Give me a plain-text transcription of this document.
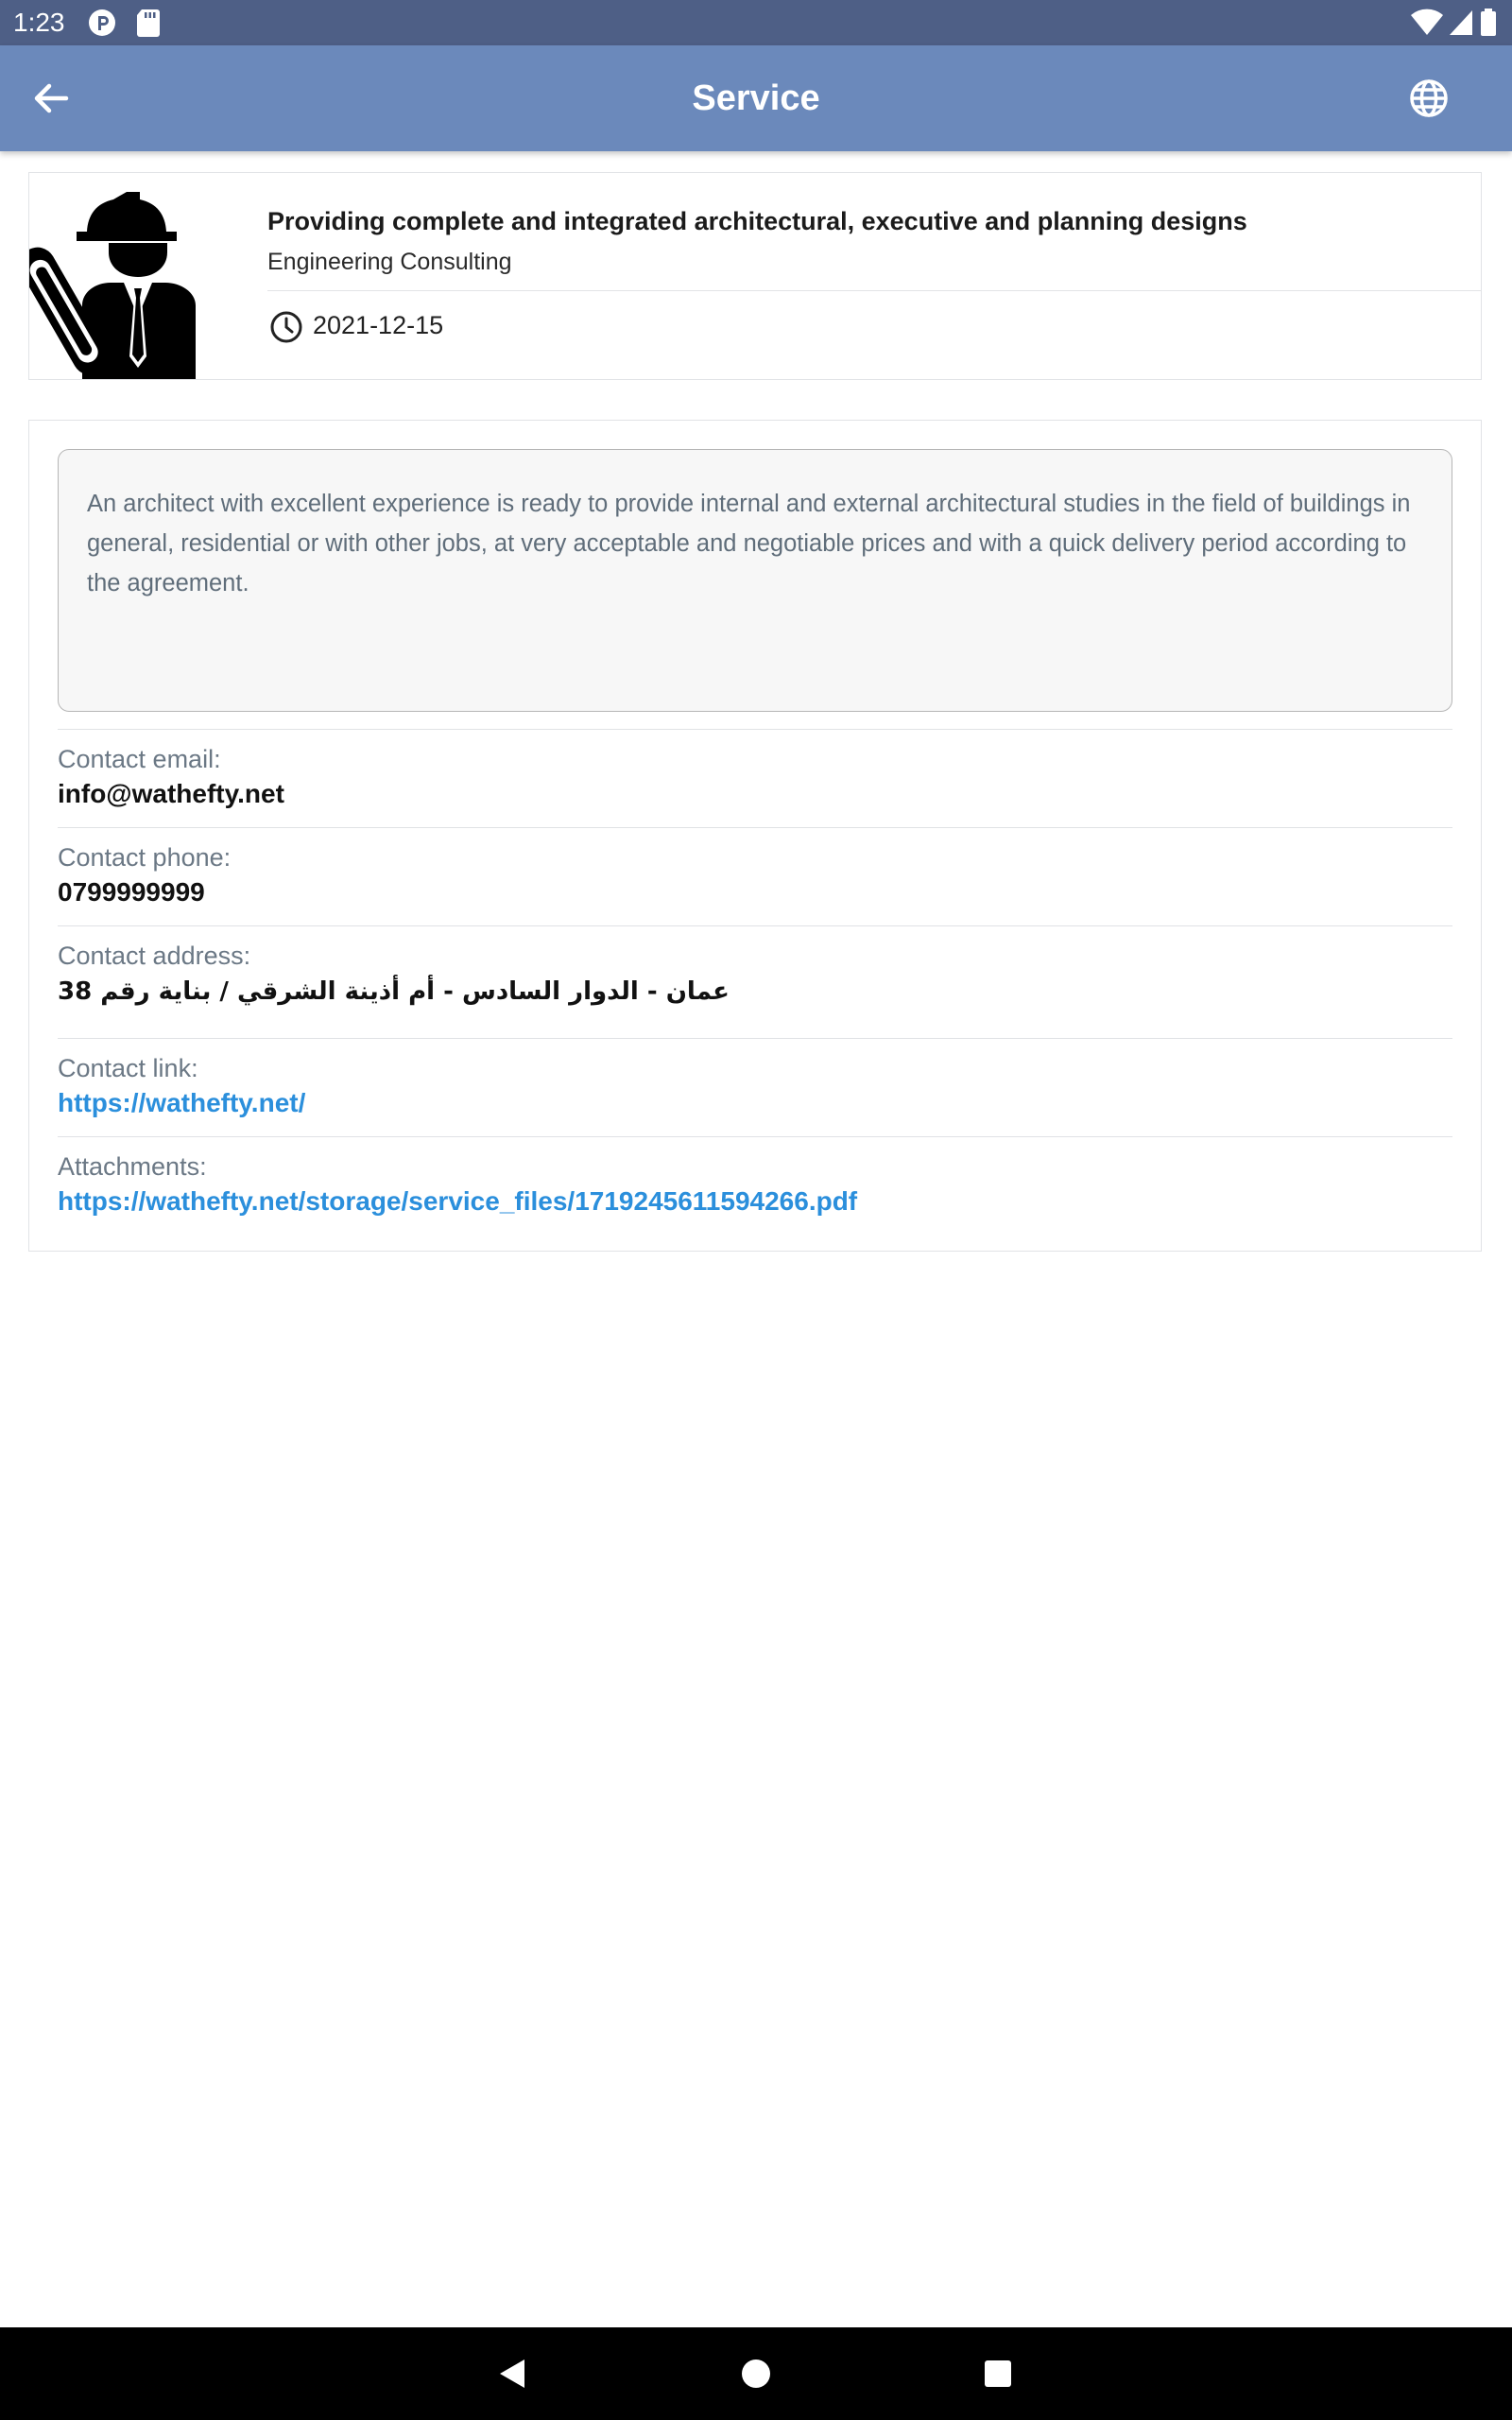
1:23
Service
Providing complete and integrated architectural, executive and planning designs
Engineering Consulting
2021-12-15
An architect with excellent experience is ready to provide internal and external architectural studies in the field of buildings in general, residential or with other jobs, at very acceptable and negotiable prices and with a quick delivery period according to the agreement.
Contact email:
info@wathefty.net
Contact phone:
0799999999
Contact address:
عمان - الدوار السادس - أم أذينة الشرقي / بناية رقم 38
Contact link:
https://wathefty.net/
Attachments:
https://wathefty.net/storage/service_files/1719245611594266.pdf
